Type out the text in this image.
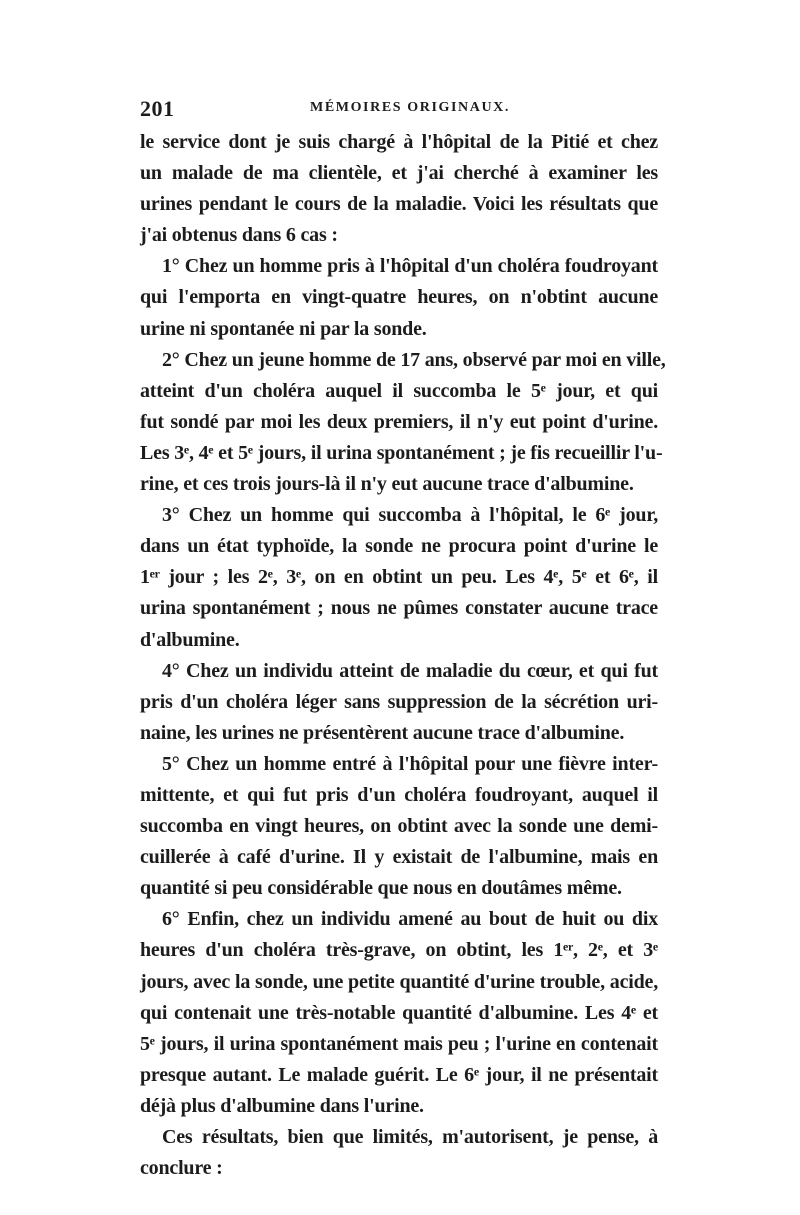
201	MÉMOIRES ORIGINAUX.
le service dont je suis chargé à l'hôpital de la Pitié et chez
un malade de ma clientèle, et j'ai cherché à examiner les
urines pendant le cours de la maladie. Voici les résultats que
j'ai obtenus dans 6 cas :
1° Chez un homme pris à l'hôpital d'un choléra foudroyant
qui l'emporta en vingt-quatre heures, on n'obtint aucune
urine ni spontanée ni par la sonde.
2° Chez un jeune homme de 17 ans, observé par moi en ville,
atteint d'un choléra auquel il succomba le 5ᵉ jour, et qui
fut sondé par moi les deux premiers, il n'y eut point d'urine.
Les 3ᵉ, 4ᵉ et 5ᵉ jours, il urina spontanément ; je fis recueillir l'u-
rine, et ces trois jours-là il n'y eut aucune trace d'albumine.
3° Chez un homme qui succomba à l'hôpital, le 6ᵉ jour,
dans un état typhoïde, la sonde ne procura point d'urine le
1ᵉʳ jour ; les 2ᵉ, 3ᵉ, on en obtint un peu. Les 4ᵉ, 5ᵉ et 6ᵉ, il
urina spontanément ; nous ne pûmes constater aucune trace
d'albumine.
4° Chez un individu atteint de maladie du cœur, et qui fut
pris d'un choléra léger sans suppression de la sécrétion uri-
naine, les urines ne présentèrent aucune trace d'albumine.
5° Chez un homme entré à l'hôpital pour une fièvre inter-
mittente, et qui fut pris d'un choléra foudroyant, auquel il
succomba en vingt heures, on obtint avec la sonde une demi-
cuillerée à café d'urine. Il y existait de l'albumine, mais en
quantité si peu considérable que nous en doutâmes même.
6° Enfin, chez un individu amené au bout de huit ou dix
heures d'un choléra très-grave, on obtint, les 1ᵉʳ, 2ᵉ, et 3ᵉ
jours, avec la sonde, une petite quantité d'urine trouble, acide,
qui contenait une très-notable quantité d'albumine. Les 4ᵉ et
5ᵉ jours, il urina spontanément mais peu ; l'urine en contenait
presque autant. Le malade guérit. Le 6ᵉ jour, il ne présentait
déjà plus d'albumine dans l'urine.
Ces résultats, bien que limités, m'autorisent, je pense, à
conclure :
